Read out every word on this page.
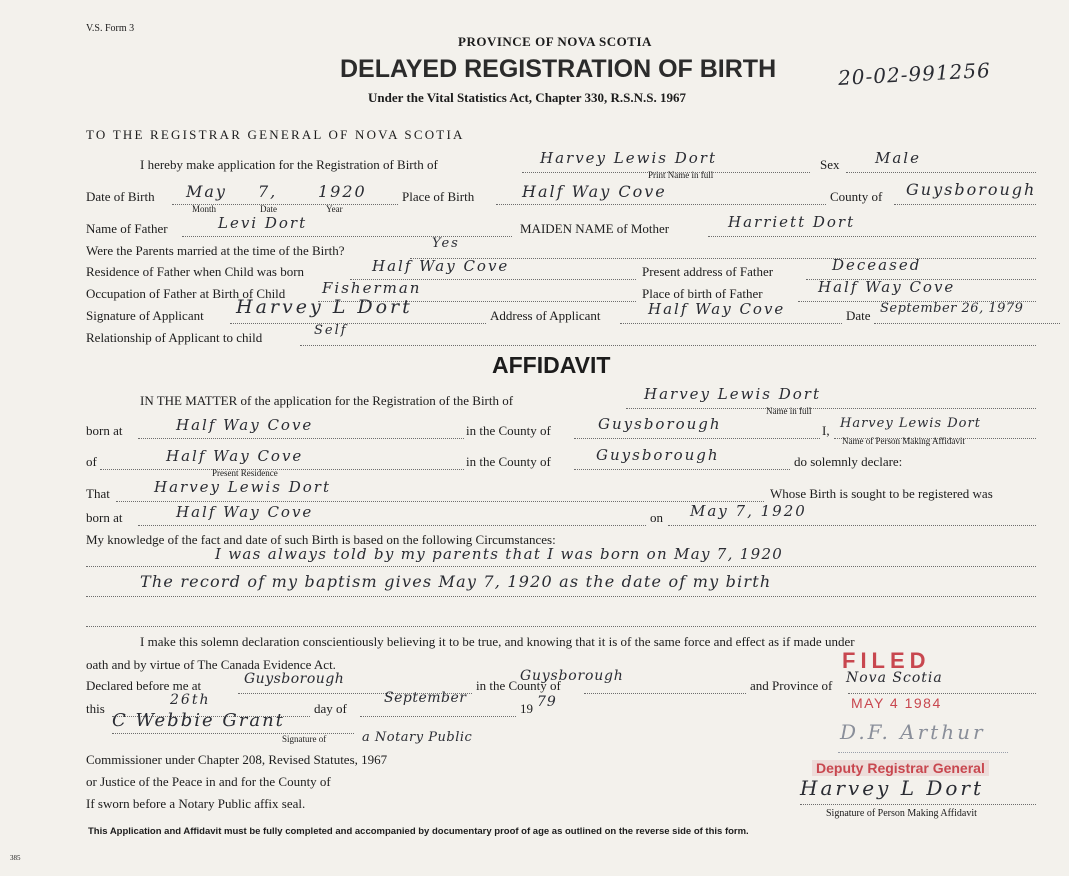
V.S. Form 3
PROVINCE OF NOVA SCOTIA
DELAYED REGISTRATION OF BIRTH
Under the Vital Statistics Act, Chapter 330, R.S.N.S. 1967
20-02-991256
TO THE REGISTRAR GENERAL OF NOVA SCOTIA
I hereby make application for the Registration of Birth of	Harvey Lewis Dort
Print Name in full
Sex Male
Date of Birth May 7,	1920
Month	Date	Year
Place of Birth	Half Way Cove	County of Guysborough
Name of Father	Levi Dort	MAIDEN NAME of Mother	Harriett Dort
Were the Parents married at the time of the Birth?	Yes
Residence of Father when Child was born	Half Way Cove	Present address of Father	Deceased
Occupation of Father at Birth of Child Fisherman	Place of birth of Father	Half Way Cove
Signature of Applicant Harvey L Dort	Address of Applicant	Half Way Cove	Date September 26, 1979
Relationship of Applicant to child	Self
AFFIDAVIT
IN THE MATTER of the application for the Registration of the Birth of	Harvey Lewis Dort
Name in full
born at	Half Way Cove	in the County of	Guysborough	I, Harvey Lewis Dort
Name of Person Making Affidavit
of	Half Way Cove
Present Residence
in the County of	Guysborough	do solemnly declare:
That	Harvey Lewis Dort	Whose Birth is sought to be registered was
born at	Half Way Cove	on May 7, 1920
My knowledge of the fact and date of such Birth is based on the following Circumstances:
I was always told by my parents that I was born on May 7, 1920
The record of my baptism gives May 7, 1920 as the date of my birth
I make this solemn declaration conscientiously believing it to be true, and knowing that it is of the same force and effect as if made under
oath and by virtue of The Canada Evidence Act.
Declared before me at	Guysborough	in the County of
Guysborough
and Province of Nova Scotia
this
26th
day of
September
19 79
C Webbie Grant
Signature of	a Notary Public
Commissioner under Chapter 208, Revised Statutes, 1967
or Justice of the Peace in and for the County of
If sworn before a Notary Public affix seal.
FILED
MAY 4 1984
D.F. Arthur
Deputy Registrar General
Harvey L Dort
Signature of Person Making Affidavit
This Application and Affidavit must be fully completed and accompanied by documentary proof of age as outlined on the reverse side of this form.
385
